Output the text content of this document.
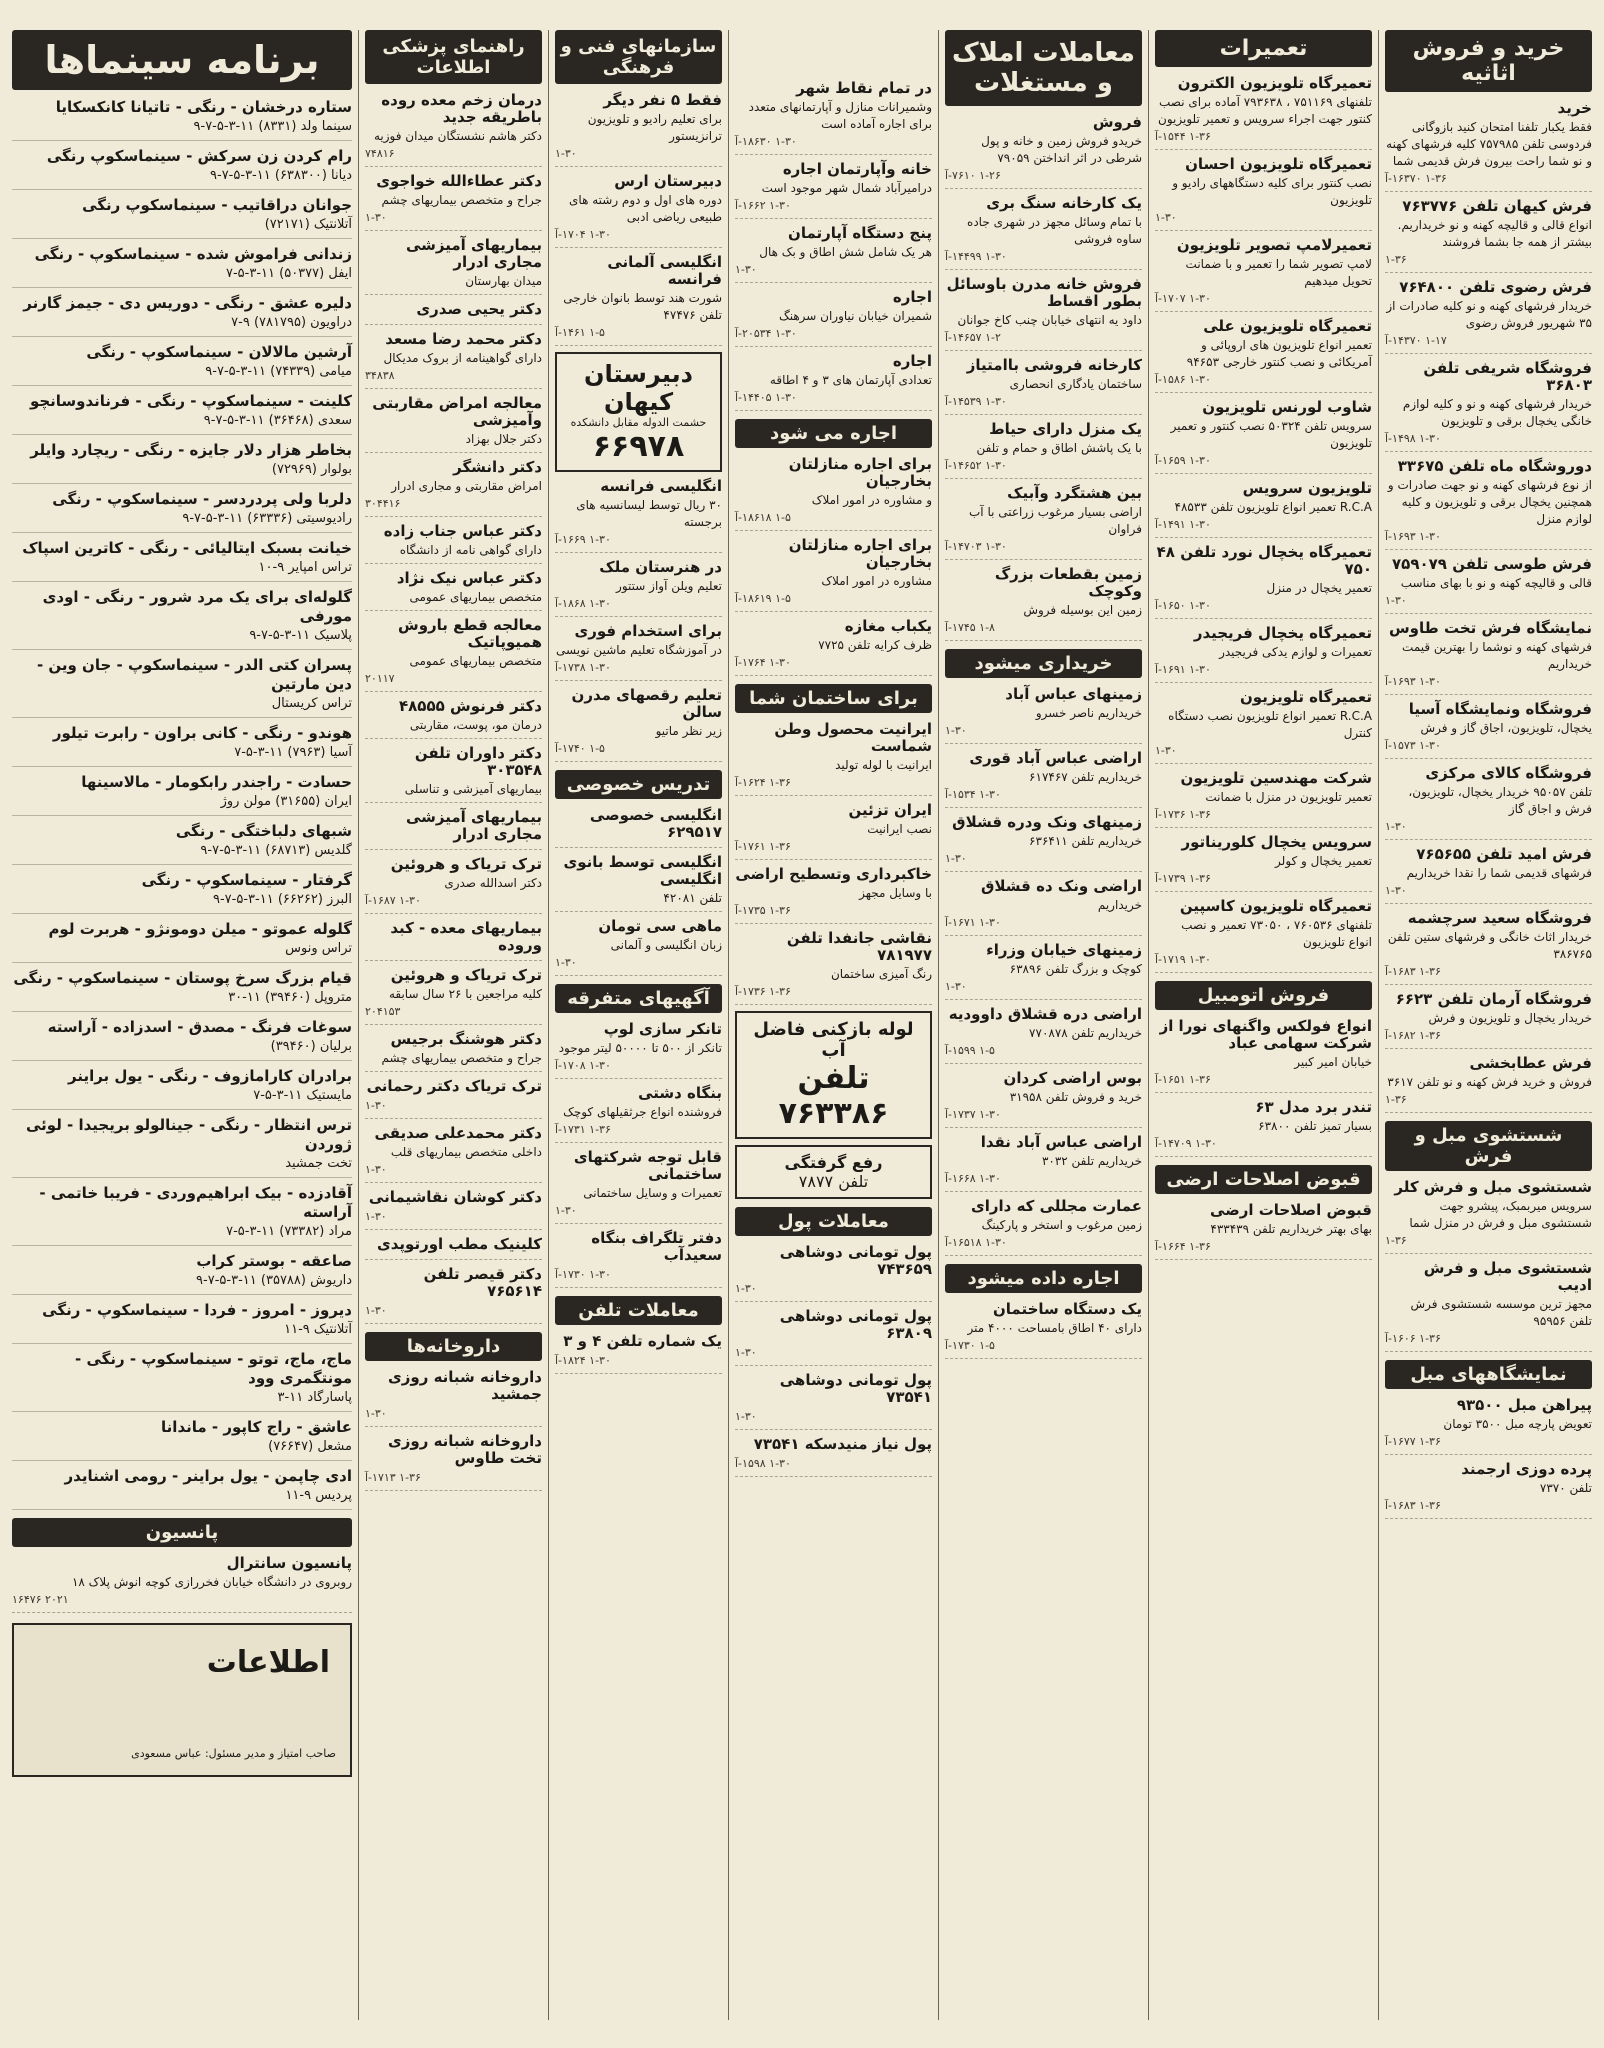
خرید و فروش اثاثیه
خرید

فقط یکبار تلفنا امتحان کنید بازوگانی فردوسی تلفن ۷۵۷۹۸۵ کلیه فرشهای کهنه و نو شما راحت بیرون فرش قدیمی شما

۱-۳۶ ۱۶۳۷۰-آ
فرش کیهان تلفن ۷۶۳۷۷۶

انواع قالی و قالیچه کهنه و نو خریداریم. بیشتر از همه جا بشما فروشند

۱-۳۶
فرش رضوی تلفن ۷۶۴۸۰۰

خریدار فرشهای کهنه و نو کلیه صادرات از ۳۵ شهریور فروش رضوی

۱-۱۷ ۱۴۳۷۰-آ
فروشگاه شریفی تلفن ۳۶۸۰۳

خریدار فرشهای کهنه و نو و کلیه لوازم خانگی یخچال برقی و تلویزیون

۱-۳۰ ۱۴۹۸-آ
دوروشگاه ماه تلفن ۳۳۶۷۵

از نوع فرشهای کهنه و نو جهت صادرات و همچنین یخچال برقی و تلویزیون و کلیه لوازم منزل

۱-۳۰ ۱۶۹۳-آ
فرش طوسی تلفن ۷۵۹۰۷۹

قالی و قالیچه کهنه و نو با بهای مناسب

۱-۳۰
نمایشگاه فرش تخت طاوس

فرشهای کهنه و نوشما را بهترین قیمت خریداریم

۱-۳۰ ۱۶۹۳-آ
فروشگاه ونمایشگاه آسیا

یخچال، تلویزیون، اجاق گاز و فرش

۱-۳۰ ۱۵۷۳-آ
فروشگاه کالای مرکزی

تلفن ۹۵۰۵۷ خریدار یخچال، تلویزیون، فرش و اجاق گاز

۱-۳۰
فرش امید تلفن ۷۶۵۶۵۵

فرشهای قدیمی شما را نقدا خریداریم

۱-۳۰
فروشگاه سعید سرچشمه

خریدار اثاث خانگی و فرشهای ستین تلفن ۳۸۶۷۶۵

۱-۳۶ ۱۶۸۳-آ
فروشگاه آرمان تلفن ۶۶۲۳

خریدار یخچال و تلویزیون و فرش

۱-۳۶ ۱۶۸۲-آ
فرش عطابخشی

فروش و خرید فرش کهنه و نو تلفن ۳۶۱۷

۱-۳۶
شستشوی مبل و فرش
شستشوی مبل و فرش کلر

سرویس میربمبک، پیشرو جهت شستشوی مبل و فرش در منزل شما

۱-۳۶
شستشوی مبل و فرش ادیب

مجهز ترین موسسه شستشوی فرش تلفن ۹۵۹۵۶

۱-۳۶ ۱۶۰۶-آ
نمایشگاههای مبل
پیراهن مبل ۹۳۵۰۰

تعویض پارچه مبل ۳۵۰۰ تومان

۱-۳۶ ۱۶۷۷-آ
پرده دوزی ارجمند

تلفن ۷۳۷۰

۱-۳۶ ۱۶۸۳-آ
تعمیرات
تعمیرگاه تلویزیون الکترون

تلفنهای ۷۵۱۱۶۹ ، ۷۹۳۶۳۸ آماده برای نصب کنتور جهت اجراء سرویس و تعمیر تلویزیون

۱-۳۶ ۱۵۴۴-آ
تعمیرگاه تلویزیون احسان

نصب کنتور برای کلیه دستگاههای رادیو و تلویزیون

۱-۳۰
تعمیرلامپ تصویر تلویزیون

لامپ تصویر شما را تعمیر و با ضمانت تحویل میدهیم

۱-۳۰ ۱۷۰۷-آ
تعمیرگاه تلویزیون علی

تعمیر انواع تلویزیون های اروپائی و آمریکائی و نصب کنتور خارجی ۹۴۶۵۳

۱-۳۰ ۱۵۸۶-آ
شاوب لورنس تلویزیون

سرویس تلفن ۵۰۳۲۴ نصب کنتور و تعمیر تلویزیون

۱-۳۰ ۱۶۵۹-آ
تلویزیون سرویس

R.C.A تعمیر انواع تلویزیون تلفن ۴۸۵۳۳

۱-۳۰ ۱۴۹۱-آ
تعمیرگاه یخچال نورد تلفن ۴۸ ۷۵۰

تعمیر یخچال در منزل

۱-۳۰ ۱۶۵۰-آ
تعمیرگاه یخچال فریجیدر

تعمیرات و لوازم یدکی فریجیدر

۱-۳۰ ۱۶۹۱-آ
تعمیرگاه تلویزیون

R.C.A تعمیر انواع تلویزیون نصب دستگاه کنترل

۱-۳۰
شرکت مهندسین تلویزیون

تعمیر تلویزیون در منزل با ضمانت

۱-۳۶ ۱۷۳۶-آ
سرویس یخچال کلوریناتور

تعمیر یخچال و کولر

۱-۳۶ ۱۷۳۹-آ
تعمیرگاه تلویزیون کاسپین

تلفنهای ۷۶۰۵۳۶ ، ۷۳۰۵۰ تعمیر و نصب انواع تلویزیون

۱-۳۰ ۱۷۱۹-آ
فروش اتومبیل
انواع فولکس واگنهای نورا از شرکت سهامی عباد

خیابان امیر کبیر

۱-۳۶ ۱۶۵۱-آ
تندر برد مدل ۶۳

بسیار تمیز تلفن ۶۳۸۰۰

۱-۳۰ ۱۴۷۰۹-آ
قبوض اصلاحات ارضی
قبوض اصلاحات ارضی

بهای بهتر خریداریم تلفن ۴۳۳۴۳۹

۱-۳۶ ۱۶۶۴-آ
معاملات املاک و مستغلات
فروش

خریدو فروش زمین و خانه و پول شرطی در اثر انداختن ۷۹۰۵۹

۱-۲۶ ۷۶۱۰-آ
یک کارخانه سنگ بری

با تمام وسائل مجهز در شهری جاده ساوه فروشی

۱-۳۰ ۱۴۴۹۹-آ
فروش خانه مدرن باوسائل بطور اقساط

داود یه انتهای خیابان چنب کاخ جوانان

۱-۲ ۱۴۶۵۷-آ
کارخانه فروشی باامتیاز

ساختمان یادگاری انحصاری

۱-۳۰ ۱۴۵۳۹-آ
یک منزل دارای حیاط

با یک پاشش اطاق و حمام و تلفن

۱-۳۰ ۱۴۶۵۲-آ
بین هشتگرد وآبیک

اراضی بسیار مرغوب زراعتی با آب فراوان

۱-۳۰ ۱۴۷۰۳-آ
زمین بقطعات بزرگ وکوچک

زمین این بوسیله فروش

۱-۸ ۱۷۴۵-آ
خریداری میشود
زمینهای عباس آباد

خریداریم ناصر خسرو

۱-۳۰
اراضی عباس آباد قوری

خریداریم تلفن ۶۱۷۴۶۷

۱-۳۰ ۱۵۳۴-آ
زمینهای ونک ودره قشلاق

خریداریم تلفن ۶۳۶۴۱۱

۱-۳۰
اراضی ونک ده قشلاق

خریداریم

۱-۳۰ ۱۶۷۱-آ
زمینهای خیابان وزراء

کوچک و بزرگ تلفن ۶۳۸۹۶

۱-۳۰
اراضی دره قشلاق داوودیه

خریداریم تلفن ۷۷۰۸۷۸

۱-۵ ۱۵۹۹-آ
بوس اراضی کردان

خرید و فروش تلفن ۳۱۹۵۸

۱-۳۰ ۱۷۳۷-آ
اراضی عباس آباد نقدا

خریداریم تلفن ۳۰۳۲

۱-۳۰ ۱۶۶۸-آ
عمارت مجللی که دارای

زمین مرغوب و استخر و پارکینگ

۱-۳۰ ۱۶۵۱۸-آ
اجاره داده میشود
یک دستگاه ساختمان

دارای ۴۰ اطاق بامساحت ۴۰۰۰ متر

۱-۵ ۱۷۳۰-آ
در تمام نقاط شهر

وشمیرانات منازل و آپارتمانهای متعدد برای اجاره آماده است

۱-۳۰ ۱۸۶۳۰-آ
خانه وآپارتمان اجاره

درامیرآباد شمال شهر موجود است

۱-۳۰ ۱۶۶۲-آ
پنج دستگاه آپارتمان

هر یک شامل شش اطاق و بک هال

۱-۳۰
اجاره

شمیران خیابان نیاوران سرهنگ

۱-۳۰ ۲۰۵۳۴-آ
اجاره

تعدادی آپارتمان های ۳ و ۴ اطاقه

۱-۳۰ ۱۴۴۰۵-آ
اجاره می شود
برای اجاره منازلتان بخارجیان

و مشاوره در امور املاک

۱-۵ ۱۸۶۱۸-آ
برای اجاره منازلتان بخارجیان

مشاوره در امور املاک

۱-۵ ۱۸۶۱۹-آ
یکباب مغازه

ظرف کرایه تلفن ۷۷۲۵

۱-۳۰ ۱۷۶۴-آ
برای ساختمان شما
ایرانیت محصول وطن شماست

ایرانیت با لوله تولید

۱-۳۶ ۱۶۲۴-آ
ایران تزئین

نصب ایرانیت

۱-۳۶ ۱۷۶۱-آ
خاکبرداری وتسطیح اراضی

با وسایل مجهز

۱-۳۶ ۱۷۳۵-آ
نقاشی جانفدا تلفن ۷۸۱۹۷۷

رنگ آمیزی ساختمان

۱-۳۶ ۱۷۳۶-آ
لوله بازکنی فاضل آب
تلفن ۷۶۳۳۸۶
رفع گرفتگی
تلفن ۷۸۷۷
معاملات پول
پول تومانی دوشاهی ۷۴۳۶۵۹
۱-۳۰
پول تومانی دوشاهی ۶۳۸۰۹
۱-۳۰
پول تومانی دوشاهی ۷۳۵۴۱
۱-۳۰
پول نیاز منیدسکه ۷۳۵۴۱
۱-۳۰ ۱۵۹۸-آ
سازمانهای فنی و فرهنگی
فقط ۵ نفر دیگر

برای تعلیم رادیو و تلویزیون ترانزیستور

۱-۳۰
دبیرستان ارس

دوره های اول و دوم رشته های طبیعی ریاضی ادبی

۱-۳۰ ۱۷۰۴-آ
انگلیسی آلمانی فرانسه

شورت هند توسط بانوان خارجی تلفن ۴۷۴۷۶

۱-۵ ۱۴۶۱-آ
دبیرستان کیهان
حشمت الدوله مقابل دانشکده
۶۶۹۷۸
انگلیسی فرانسه

۳۰ ریال توسط لیسانسیه های برجسته

۱-۳۰ ۱۶۶۹-آ
در هنرستان ملک

تعلیم ویلن آواز ستتور

۱-۳۰ ۱۸۶۸-آ
برای استخدام فوری

در آموزشگاه تعلیم ماشین نویسی

۱-۳۰ ۱۷۳۸-آ
تعلیم رقصهای مدرن سالن

زیر نظر ماتیو

۱-۵ ۱۷۴۰-آ
تدریس خصوصی
انگلیسی خصوصی ۶۲۹۵۱۷
انگلیسی توسط بانوی انگلیسی

تلفن ۴۲۰۸۱

ماهی سی تومان

زبان انگلیسی و آلمانی

۱-۳۰
آگهیهای متفرقه
تانکر سازی لوپ

تانکر از ۵۰۰ تا ۵۰۰۰۰ لیتر موجود

۱-۳۰ ۱۷۰۸-آ
بنگاه دشتی

فروشنده انواع جرثقیلهای کوچک

۱-۳۶ ۱۷۳۱-آ
قابل توجه شرکتهای ساختمانی

تعمیرات و وسایل ساختمانی

۱-۳۰
دفتر تلگراف بنگاه سعیدآب
۱-۳۰ ۱۷۳۰-آ
معاملات تلفن
یک شماره تلفن ۴ و ۳
۱-۳۰ ۱۸۲۴-آ
راهنمای پزشکی اطلاعات
درمان زخم معده روده باطریقه جدید

دکتر هاشم نشستگان میدان فوزیه

۷۴۸۱۶
دکتر عطاءالله خواجوی

جراح و متخصص بیماریهای چشم

۱-۳۰
بیماریهای آمیزشی مجاری ادرار

میدان بهارستان

دکتر یحیی صدری
دکتر محمد رضا مسعد

دارای گواهینامه از بروک مدیکال

۳۴۸۳۸
معالجه امراض مقاربتی وآمیزشی

دکتر جلال بهزاد

دکتر دانشگر

امراض مقاربتی و مجاری ادرار

۳۰۴۴۱۶
دکتر عباس جناب زاده

دارای گواهی نامه از دانشگاه

دکتر عباس نیک نژاد

متخصص بیماریهای عمومی

معالجه قطع باروش همیوپاتیک

متخصص بیماریهای عمومی

۲۰۱۱۷
دکتر فرنوش ۴۸۵۵۵

درمان مو، پوست، مقاربتی

دکتر داوران تلفن ۳۰۳۵۴۸

بیماریهای آمیزشی و تناسلی

بیماریهای آمیزشی مجاری ادرار
ترک تریاک و هروئین

دکتر اسدالله صدری

۱-۳۰ ۱۶۸۷-آ
بیماریهای معده - کبد وروده
ترک تریاک و هروئین

کلیه مراجعین با ۲۶ سال سابقه

۲۰۴۱۵۳
دکتر هوشنگ برجیس

جراح و متخصص بیماریهای چشم

ترک تریاک دکتر رحمانی
۱-۳۰
دکتر محمدعلی صدیقی

داخلی متخصص بیماریهای قلب

۱-۳۰
دکتر کوشان نقاشیمانی
۱-۳۰
کلینیک مطب اورتوپدی
دکتر قیصر تلفن ۷۶۵۶۱۴
۱-۳۰
داروخانه‌ها
داروخانه شبانه روزی جمشید
۱-۳۰
داروخانه شبانه روزی تخت طاوس
۱-۳۶ ۱۷۱۳-آ
برنامه سینماها
ستاره درخشان - رنگی - تاتیانا کانکسکایا

سینما ولد (۸۳۳۱) ۱۱-۳-۵-۷-۹

رام کردن زن سرکش - سینماسکوپ رنگی

دیانا (۶۳۸۳۰۰) ۱۱-۳-۵-۷-۹

جوانان دراقاتیب - سینماسکوپ رنگی

آتلانتیک (۷۲۱۷۱)

زندانی فراموش شده - سینماسکوپ - رنگی

ایفل (۵۰۳۷۷) ۱۱-۳-۵-۷

دلیره عشق - رنگی - دوریس دی - جیمز گارنر

دراویون (۷۸۱۷۹۵) ۹-۷

آرشین مالالان - سینماسکوپ - رنگی

میامی (۷۴۳۳۹) ۱۱-۳-۵-۷-۹

کلینت - سینماسکوپ - رنگی - فرناندوسانچو

سعدی (۳۶۴۶۸) ۱۱-۳-۵-۷-۹

بخاطر هزار دلار جایزه - رنگی - ریچارد وایلر

بولوار (۷۲۹۶۹)

دلربا ولی پردردسر - سینماسکوپ - رنگی

رادیوسیتی (۶۳۳۳۶) ۱۱-۳-۵-۷-۹

خیانت بسبک ایتالیائی - رنگی - کاترین اسپاک

تراس امپایر ۹-۱۰

گلوله‌ای برای یک مرد شرور - رنگی - اودی مورفی

پلاسیک ۱۱-۳-۵-۷-۹

پسران کتی الدر - سینماسکوپ - جان وین - دین مارتین

تراس کریستال

هوندو - رنگی - کانی براون - رابرت تیلور

آسیا (۷۹۶۳) ۱۱-۳-۵-۷

حسادت - راجندر رابکومار - مالاسینها

ایران (۳۱۶۵۵) مولن روژ

شبهای دلباختگی - رنگی

گلدیس (۶۸۷۱۳) ۱۱-۳-۵-۷-۹

گرفتار - سینماسکوپ - رنگی

البرز (۶۶۲۶۲) ۱۱-۳-۵-۷-۹

گلوله عموتو - میلن دومونژو - هربرت لوم

تراس ونوس

قیام بزرگ سرخ پوستان - سینماسکوپ - رنگی

متروپل (۳۹۴۶۰) ۱۱-۳۰

سوغات فرنگ - مصدق - اسدزاده - آراسته

برلیان (۳۹۴۶۰)

برادران کارامازوف - رنگی - یول براینر

مایستیک ۱۱-۳-۵-۷

ترس انتظار - رنگی - جینالولو بریجیدا - لوئی ژوردن

تخت جمشید

آقادزده - بیک ابراهیم‌وردی - فریبا خاتمی - آراسته

مراد (۷۳۳۸۲) ۱۱-۳-۵-۷

صاعقه - بوستر کراب

داریوش (۳۵۷۸۸) ۱۱-۳-۵-۷-۹

دیروز - امروز - فردا - سینماسکوپ - رنگی

آتلانتیک ۹-۱۱

ماج، ماج، توتو - سینماسکوپ - رنگی - مونتگمری وود

پاسارگاد ۱۱-۳

عاشق - راج کاپور - ماندانا

مشعل (۷۶۶۴۷)

ادی چاپمن - یول براینر - رومی اشنایدر

پردیس ۹-۱۱

پانسیون
پانسیون سانترال

روبروی در دانشگاه خیابان فخررازی کوچه انوش پلاک ۱۸

۲۰۲۱ ۱۶۴۷۶
اطلاعات
صاحب امتیاز و مدیر مسئول: عباس مسعودی
